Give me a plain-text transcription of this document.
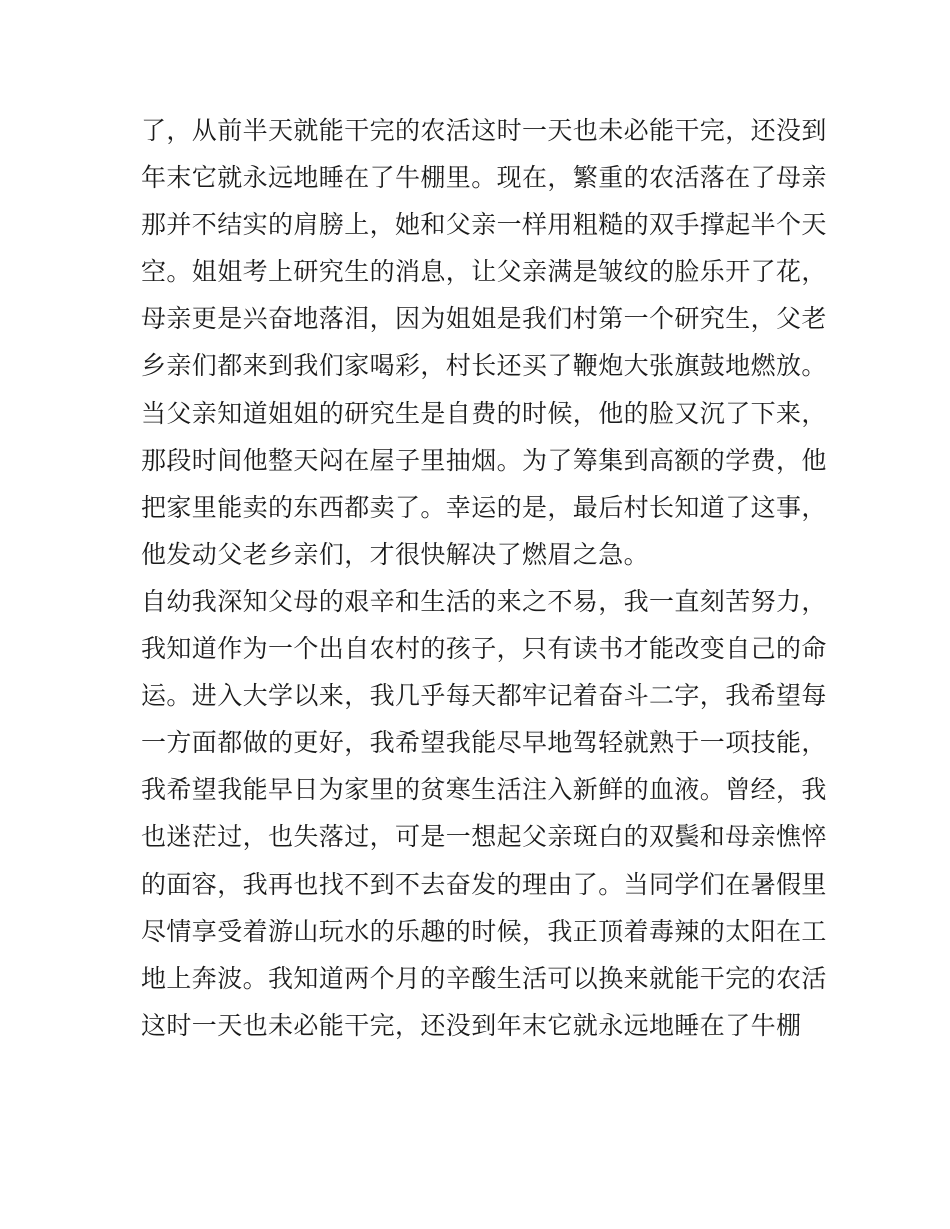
了，从前半天就能干完的农活这时一天也未必能干完，还没到
年末它就永远地睡在了牛棚里。现在，繁重的农活落在了母亲
那并不结实的肩膀上，她和父亲一样用粗糙的双手撑起半个天
空。姐姐考上研究生的消息，让父亲满是皱纹的脸乐开了花，
母亲更是兴奋地落泪，因为姐姐是我们村第一个研究生，父老
乡亲们都来到我们家喝彩，村长还买了鞭炮大张旗鼓地燃放。
当父亲知道姐姐的研究生是自费的时候，他的脸又沉了下来，
那段时间他整天闷在屋子里抽烟。为了筹集到高额的学费，他
把家里能卖的东西都卖了。幸运的是，最后村长知道了这事，
他发动父老乡亲们，才很快解决了燃眉之急。
自幼我深知父母的艰辛和生活的来之不易，我一直刻苦努力，
我知道作为一个出自农村的孩子，只有读书才能改变自己的命
运。进入大学以来，我几乎每天都牢记着奋斗二字，我希望每
一方面都做的更好，我希望我能尽早地驾轻就熟于一项技能，
我希望我能早日为家里的贫寒生活注入新鲜的血液。曾经，我
也迷茫过，也失落过，可是一想起父亲斑白的双鬓和母亲憔悴
的面容，我再也找不到不去奋发的理由了。当同学们在暑假里
尽情享受着游山玩水的乐趣的时候，我正顶着毒辣的太阳在工
地上奔波。我知道两个月的辛酸生活可以换来就能干完的农活
这时一天也未必能干完，还没到年末它就永远地睡在了牛棚
